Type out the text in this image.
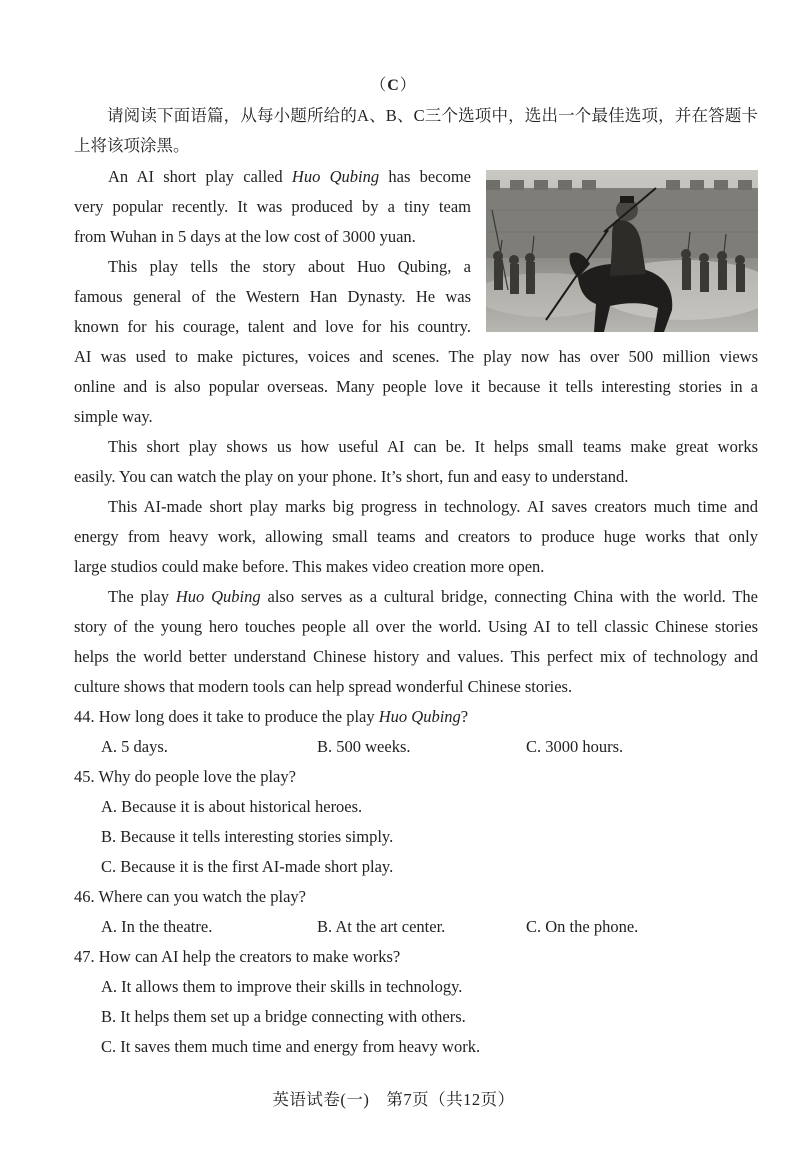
（C）
请阅读下面语篇，从每小题所给的A、B、C三个选项中，选出一个最佳选项，并在答题卡
上将该项涂黑。
An AI short play called Huo Qubing has become
very popular recently. It was produced by a tiny team
from Wuhan in 5 days at the low cost of 3000 yuan.
This play tells the story about Huo Qubing, a
famous general of the Western Han Dynasty. He was
known for his courage, talent and love for his country.
AI was used to make pictures, voices and scenes. The play now has over 500 million views
online and is also popular overseas. Many people love it because it tells interesting stories in a
simple way.
This short play shows us how useful AI can be. It helps small teams make great works
easily. You can watch the play on your phone. It’s short, fun and easy to understand.
This AI-made short play marks big progress in technology. AI saves creators much time and
energy from heavy work, allowing small teams and creators to produce huge works that only
large studios could make before. This makes video creation more open.
The play Huo Qubing also serves as a cultural bridge, connecting China with the world. The
story of the young hero touches people all over the world. Using AI to tell classic Chinese stories
helps the world better understand Chinese history and values. This perfect mix of technology and
culture shows that modern tools can help spread wonderful Chinese stories.
44. How long does it take to produce the play Huo Qubing?
A. 5 days.	B. 500 weeks.	C. 3000 hours.
45. Why do people love the play?
A. Because it is about historical heroes.
B. Because it tells interesting stories simply.
C. Because it is the first AI-made short play.
46. Where can you watch the play?
A. In the theatre.	B. At the art center.	C. On the phone.
47. How can AI help the creators to make works?
A. It allows them to improve their skills in technology.
B. It helps them set up a bridge connecting with others.
C. It saves them much time and energy from heavy work.
英语试卷(一)　第7页（共12页）
